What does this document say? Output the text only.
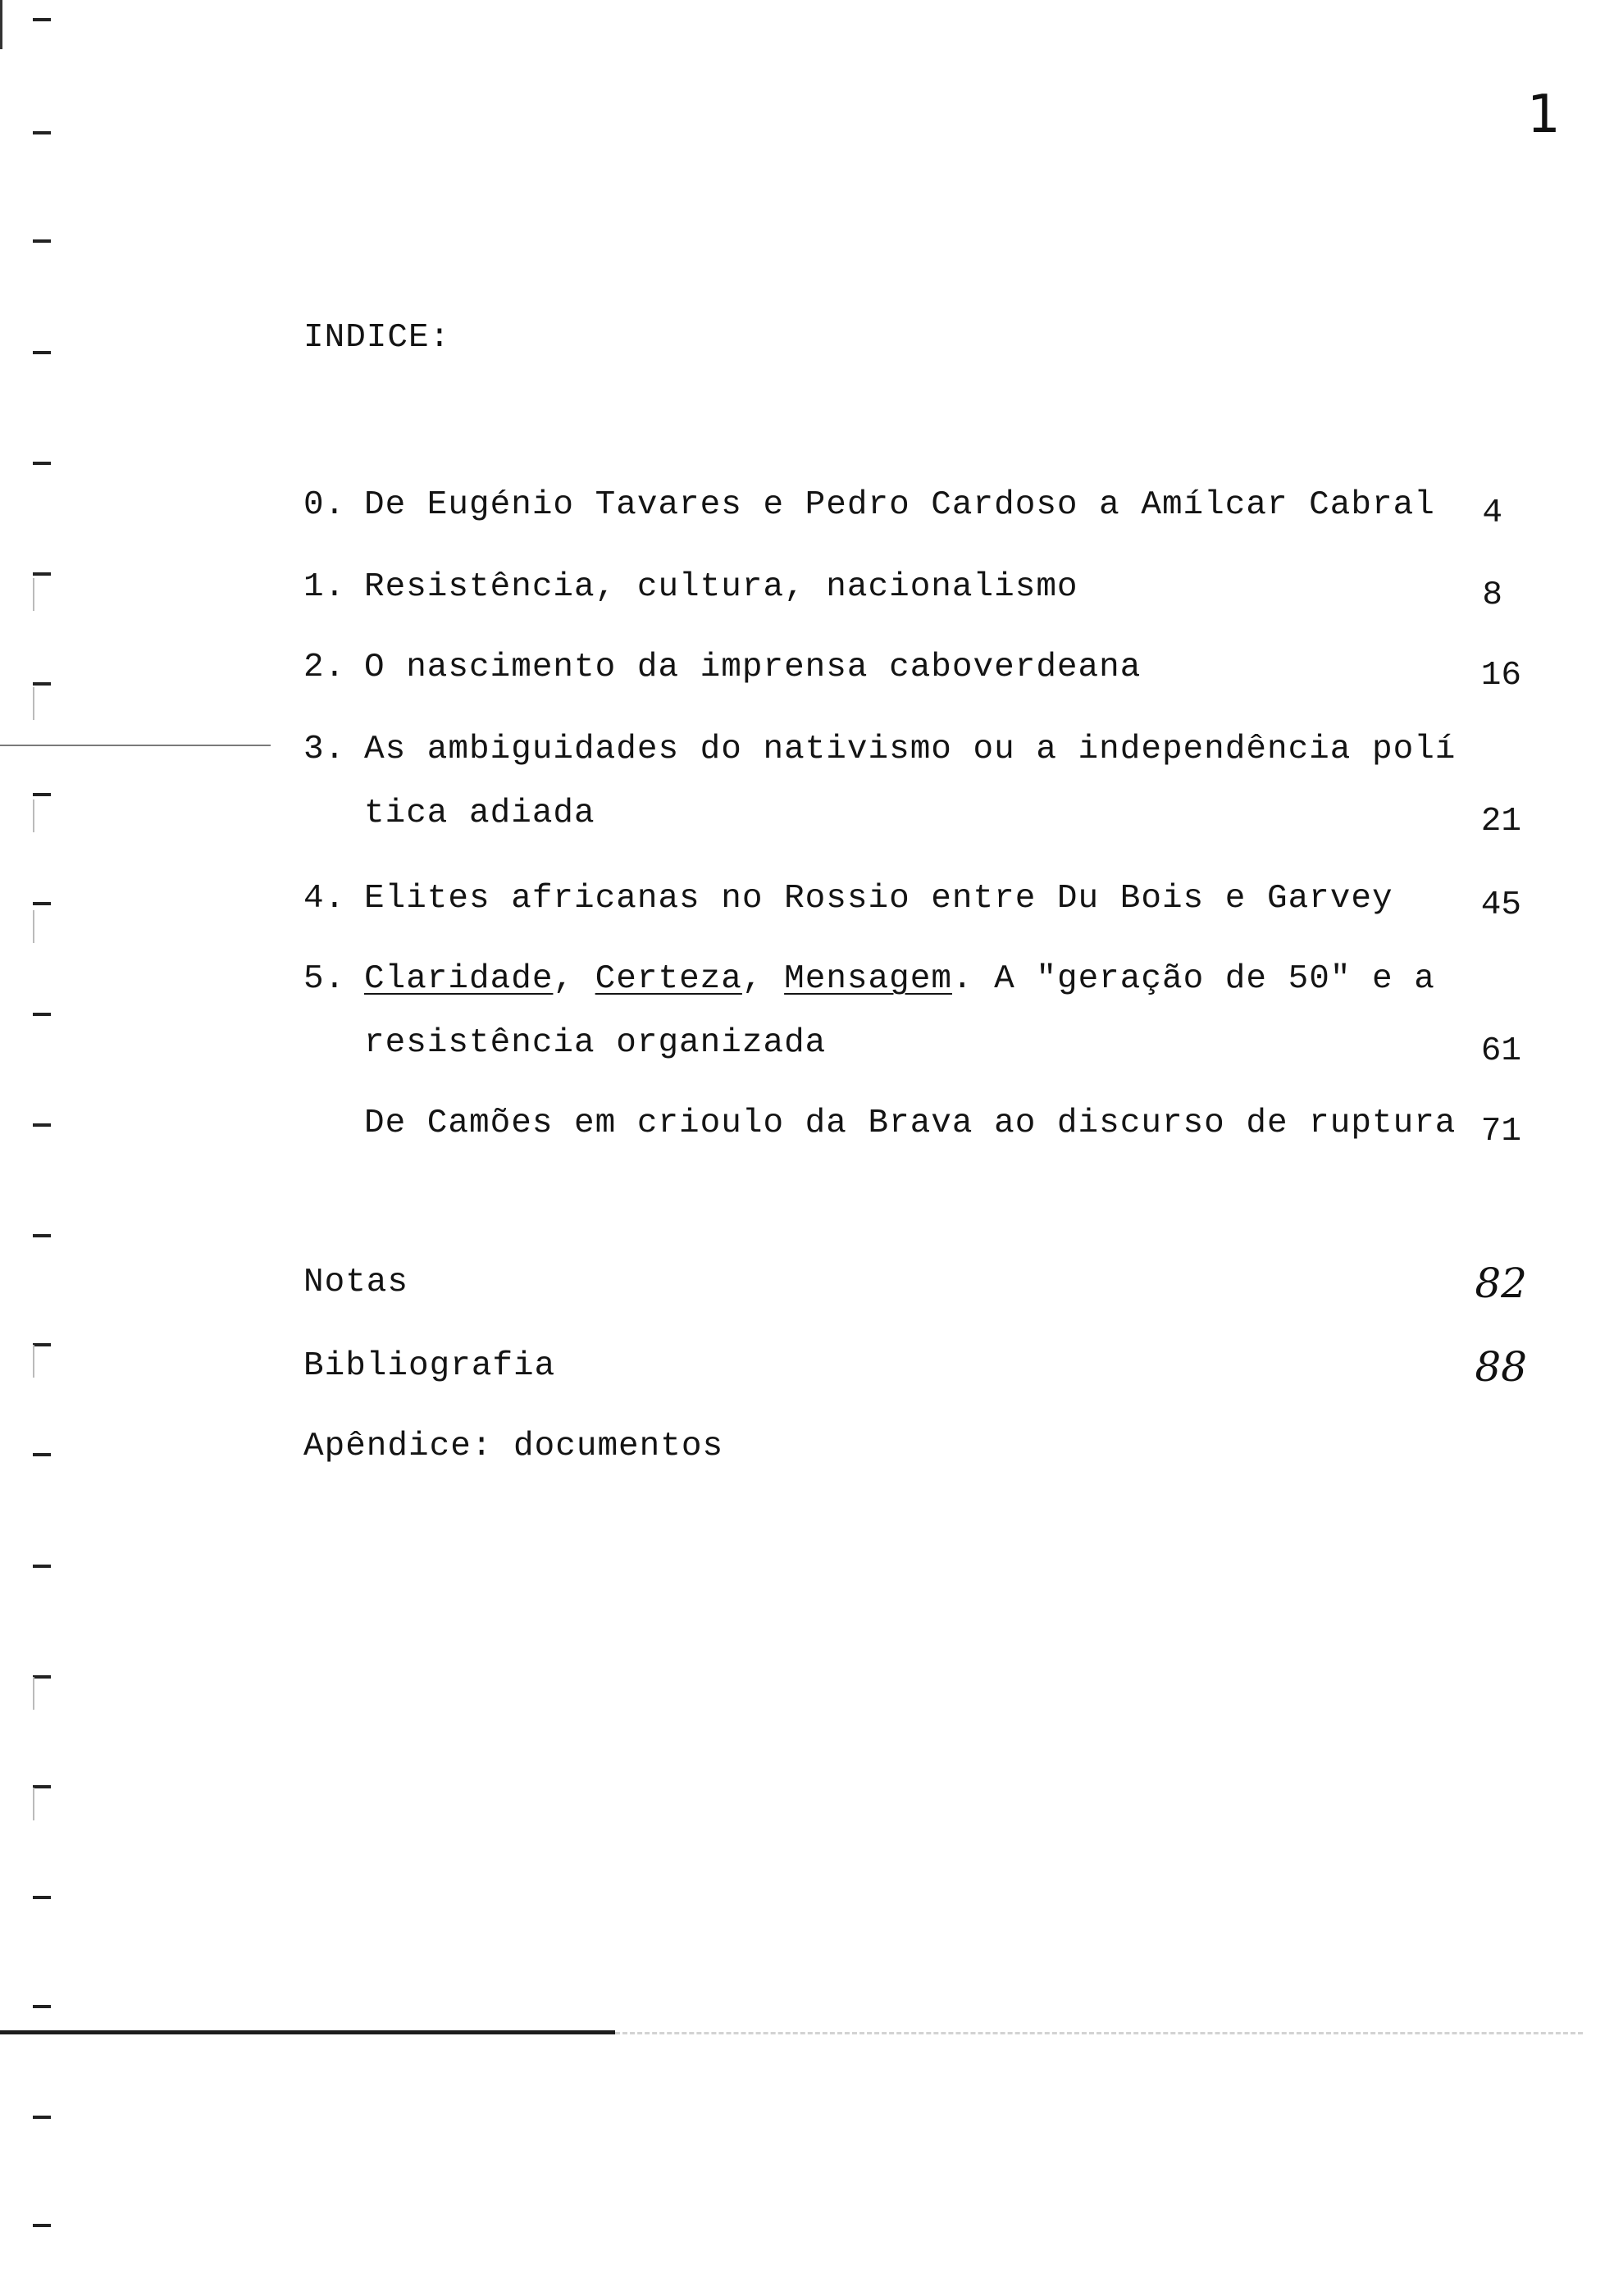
1
INDICE:
0. De Eugénio Tavares e Pedro Cardoso a Amílcar Cabral	4
1. Resistência, cultura, nacionalismo	8
2. O nascimento da imprensa caboverdeana	16
3. As ambiguidades do nativismo ou a independência polí
tica adiada	21
4. Elites africanas no Rossio entre Du Bois e Garvey	45
5. Claridade, Certeza, Mensagem. A "geração de 50" e a
resistência organizada	61
De Camões em crioulo da Brava ao discurso de ruptura 71
Notas	82
Bibliografia	88
Apêndice: documentos
